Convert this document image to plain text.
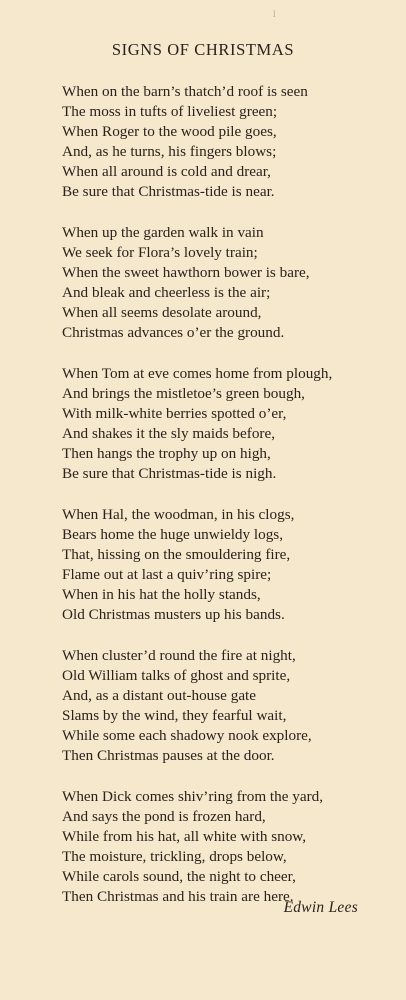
l
SIGNS OF CHRISTMAS
When on the barn’s thatch’d roof is seen
The moss in tufts of liveliest green;
When Roger to the wood pile goes,
And, as he turns, his fingers blows;
When all around is cold and drear,
Be sure that Christmas-tide is near.
When up the garden walk in vain
We seek for Flora’s lovely train;
When the sweet hawthorn bower is bare,
And bleak and cheerless is the air;
When all seems desolate around,
Christmas advances o’er the ground.
When Tom at eve comes home from plough,
And brings the mistletoe’s green bough,
With milk-white berries spotted o’er,
And shakes it the sly maids before,
Then hangs the trophy up on high,
Be sure that Christmas-tide is nigh.
When Hal, the woodman, in his clogs,
Bears home the huge unwieldy logs,
That, hissing on the smouldering fire,
Flame out at last a quiv’ring spire;
When in his hat the holly stands,
Old Christmas musters up his bands.
When cluster’d round the fire at night,
Old William talks of ghost and sprite,
And, as a distant out-house gate
Slams by the wind, they fearful wait,
While some each shadowy nook explore,
Then Christmas pauses at the door.
When Dick comes shiv’ring from the yard,
And says the pond is frozen hard,
While from his hat, all white with snow,
The moisture, trickling, drops below,
While carols sound, the night to cheer,
Then Christmas and his train are here.
Edwin Lees
